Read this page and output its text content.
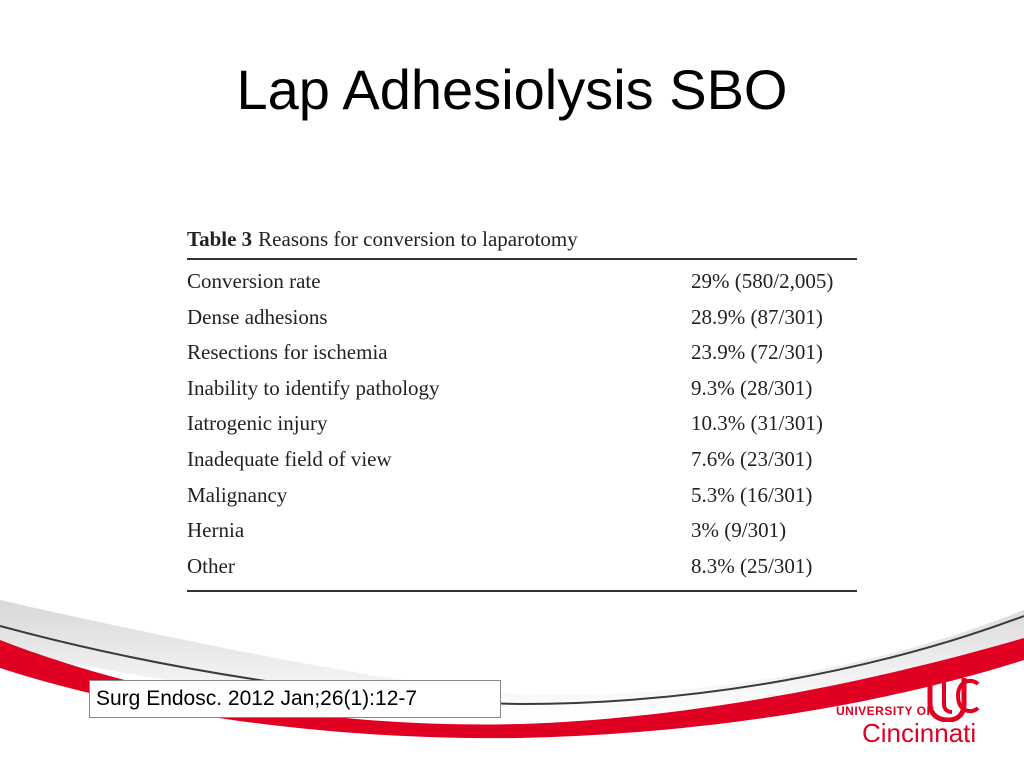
Lap Adhesiolysis SBO
Table 3 Reasons for conversion to laparotomy
Conversion rate	29% (580/2,005)
Dense adhesions	28.9% (87/301)
Resections for ischemia	23.9% (72/301)
Inability to identify pathology	9.3% (28/301)
Iatrogenic injury	10.3% (31/301)
Inadequate field of view	7.6% (23/301)
Malignancy	5.3% (16/301)
Hernia	3% (9/301)
Other	8.3% (25/301)
Surg Endosc. 2012 Jan;26(1):12-7
UNIVERSITY OF
Cincinnati
